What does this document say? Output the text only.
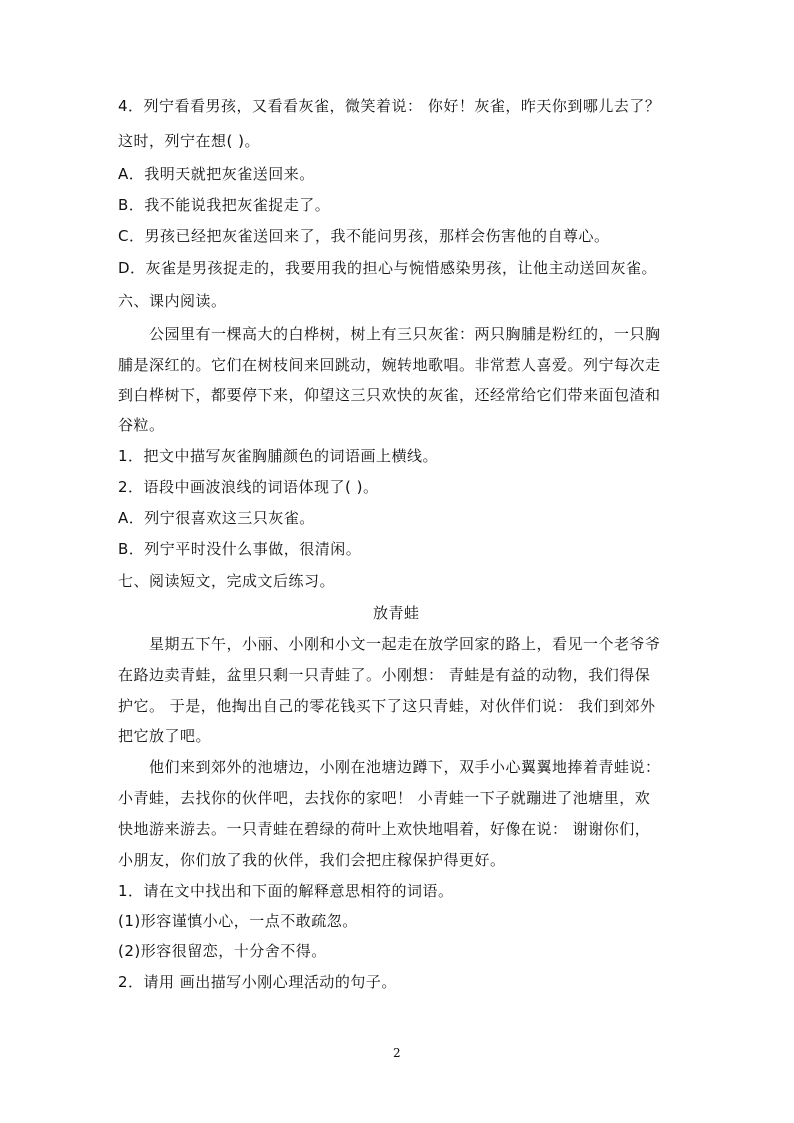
4．列宁看看男孩，又看看灰雀，微笑着说： 你好！灰雀，昨天你到哪儿去了？
这时，列宁在想( )。
A．我明天就把灰雀送回来。
B．我不能说我把灰雀捉走了。
C．男孩已经把灰雀送回来了，我不能问男孩，那样会伤害他的自尊心。
D．灰雀是男孩捉走的，我要用我的担心与惋惜感染男孩，让他主动送回灰雀。
六、课内阅读。
　　公园里有一棵高大的白桦树，树上有三只灰雀：两只胸脯是粉红的，一只胸
脯是深红的。它们在树枝间来回跳动，婉转地歌唱。非常惹人喜爱。列宁每次走
到白桦树下，都要停下来，仰望这三只欢快的灰雀，还经常给它们带来面包渣和
谷粒。
1．把文中描写灰雀胸脯颜色的词语画上横线。
2．语段中画波浪线的词语体现了( )。
A．列宁很喜欢这三只灰雀。
B．列宁平时没什么事做，很清闲。
七、阅读短文，完成文后练习。
放青蛙
　　星期五下午，小丽、小刚和小文一起走在放学回家的路上，看见一个老爷爷
在路边卖青蛙，盆里只剩一只青蛙了。小刚想： 青蛙是有益的动物，我们得保
护它。 于是，他掏出自己的零花钱买下了这只青蛙，对伙伴们说： 我们到郊外
把它放了吧。
　　他们来到郊外的池塘边，小刚在池塘边蹲下，双手小心翼翼地捧着青蛙说：
小青蛙，去找你的伙伴吧，去找你的家吧！ 小青蛙一下子就蹦进了池塘里，欢
快地游来游去。一只青蛙在碧绿的荷叶上欢快地唱着，好像在说： 谢谢你们，
小朋友，你们放了我的伙伴，我们会把庄稼保护得更好。
1．请在文中找出和下面的解释意思相符的词语。
(1)形容谨慎小心，一点不敢疏忽。
(2)形容很留恋，十分舍不得。
2．请用 画出描写小刚心理活动的句子。
2
